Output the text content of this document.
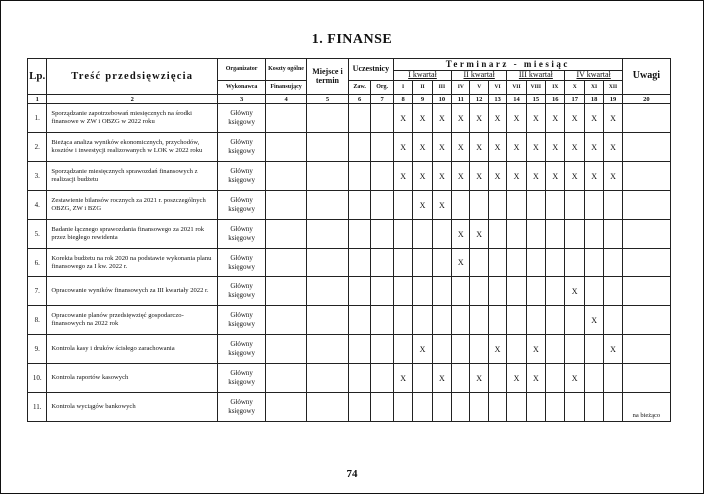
1. FINANSE
Lp.	Treść przedsięwzięcia	Organizator	Koszty ogólne	Miejsce i termin	Uczestnicy		Terminarz - miesiąc												Uwagi
							I kwartał			II kwartał			III kwartał			IV kwartał			
		Wykonawca	Finansujący		Zaw.	Org.	I	II	III	IV	V	VI	VII	VIII	IX	X	XI	XII	
1	2	3	4	5	6	7	8	9	10	11	12	13	14	15	16	17	18	19	20
1.	Sporządzanie zapotrzebowań miesięcznych na środki finansowe w ZW i OBZG w 2022 roku	Główny księgowy					X	X	X	X	X	X	X	X	X	X	X	X	
2.	Bieżąca analiza wyników ekonomicznych, przychodów, kosztów i inwestycji realizowanych w LOK w 2022 roku	Główny księgowy					X	X	X	X	X	X	X	X	X	X	X	X	
3.	Sporządzanie miesięcznych sprawozdań finansowych z realizacji budżetu	Główny księgowy					X	X	X	X	X	X	X	X	X	X	X	X	
4.	Zestawienie bilansów rocznych za 2021 r. poszczególnych OBZG, ZW i BZG	Główny księgowy						X	X										
5.	Badanie łącznego sprawozdania finansowego za 2021 rok przez biegłego rewidenta	Główny księgowy								X	X								
6.	Korekta budżetu na rok 2020 na podstawie wykonania planu finansowego za I kw. 2022 r.	Główny księgowy								X									
7.	Opracowanie wyników finansowych za III kwartały 2022 r.	Główny księgowy														X			
8.	Opracowanie planów przedsięwzięć gospodarczo-finansowych na 2022 rok	Główny księgowy															X		
9.	Kontrola kasy i druków ścisłego zarachowania	Główny księgowy						X				X		X				X	
10.	Kontrola raportów kasowych	Główny księgowy					X		X		X		X	X		X			
11.	Kontrola wyciągów bankowych	Główny księgowy																	na bieżąco
74
